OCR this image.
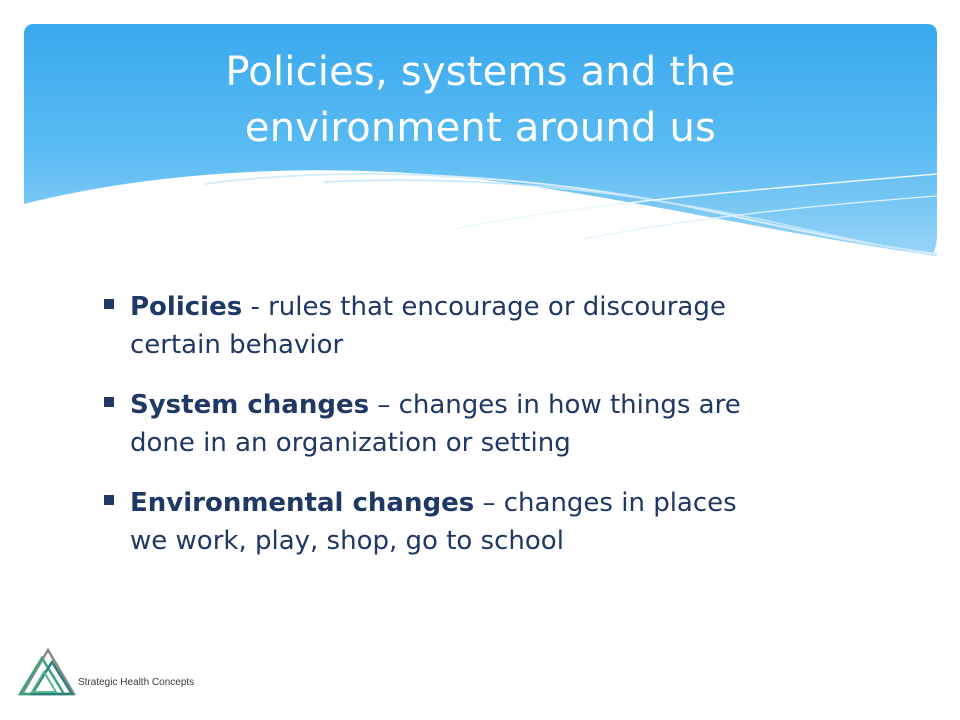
Policies, systems and the
environment around us
Policies - rules that encourage or discourage
certain behavior
System changes – changes in how things are
done in an organization or setting
Environmental changes – changes in places
we work, play, shop, go to school
Strategic Health Concepts
